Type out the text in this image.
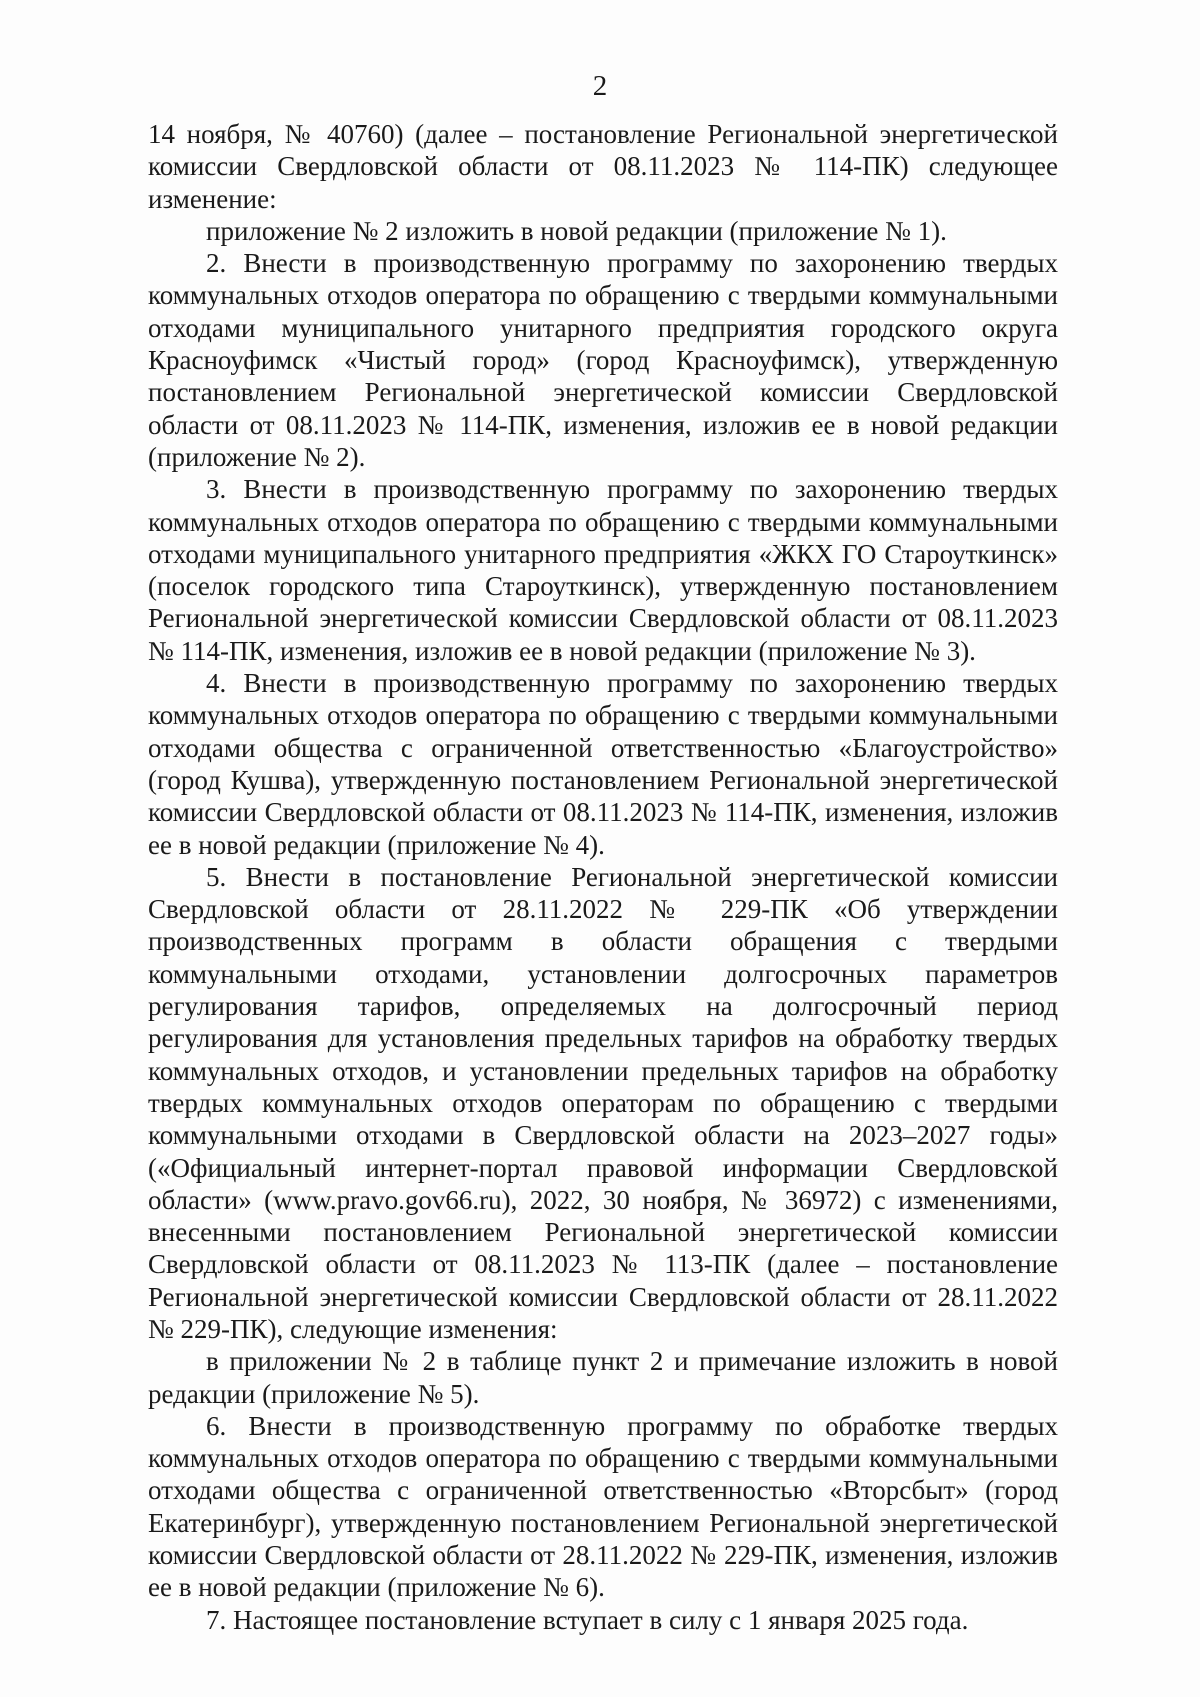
2

14 ноября, № 40760) (далее – постановление Региональной энергетической комиссии Свердловской области от 08.11.2023 № 114-ПК) следующее изменение:

приложение № 2 изложить в новой редакции (приложение № 1).

2. Внести в производственную программу по захоронению твердых коммунальных отходов оператора по обращению с твердыми коммунальными отходами муниципального унитарного предприятия городского округа Красноуфимск «Чистый город» (город Красноуфимск), утвержденную постановлением Региональной энергетической комиссии Свердловской области от 08.11.2023 № 114-ПК, изменения, изложив ее в новой редакции (приложение № 2).

3. Внести в производственную программу по захоронению твердых коммунальных отходов оператора по обращению с твердыми коммунальными отходами муниципального унитарного предприятия «ЖКХ ГО Староуткинск» (поселок городского типа Староуткинск), утвержденную постановлением Региональной энергетической комиссии Свердловской области от 08.11.2023 № 114-ПК, изменения, изложив ее в новой редакции (приложение № 3).

4. Внести в производственную программу по захоронению твердых коммунальных отходов оператора по обращению с твердыми коммунальными отходами общества с ограниченной ответственностью «Благоустройство» (город Кушва), утвержденную постановлением Региональной энергетической комиссии Свердловской области от 08.11.2023 № 114-ПК, изменения, изложив ее в новой редакции (приложение № 4).

5. Внести в постановление Региональной энергетической комиссии Свердловской области от 28.11.2022 № 229-ПК «Об утверждении производственных программ в области обращения с твердыми коммунальными отходами, установлении долгосрочных параметров регулирования тарифов, определяемых на долгосрочный период регулирования для установления предельных тарифов на обработку твердых коммунальных отходов, и установлении предельных тарифов на обработку твердых коммунальных отходов операторам по обращению с твердыми коммунальными отходами в Свердловской области на 2023–2027 годы» («Официальный интернет-портал правовой информации Свердловской области» (www.pravo.gov66.ru), 2022, 30 ноября, № 36972) с изменениями, внесенными постановлением Региональной энергетической комиссии Свердловской области от 08.11.2023 № 113-ПК (далее – постановление Региональной энергетической комиссии Свердловской области от 28.11.2022 № 229-ПК), следующие изменения:

в приложении № 2 в таблице пункт 2 и примечание изложить в новой редакции (приложение № 5).

6. Внести в производственную программу по обработке твердых коммунальных отходов оператора по обращению с твердыми коммунальными отходами общества с ограниченной ответственностью «Вторсбыт» (город Екатеринбург), утвержденную постановлением Региональной энергетической комиссии Свердловской области от 28.11.2022 № 229-ПК, изменения, изложив ее в новой редакции (приложение № 6).

7. Настоящее постановление вступает в силу с 1 января 2025 года.
